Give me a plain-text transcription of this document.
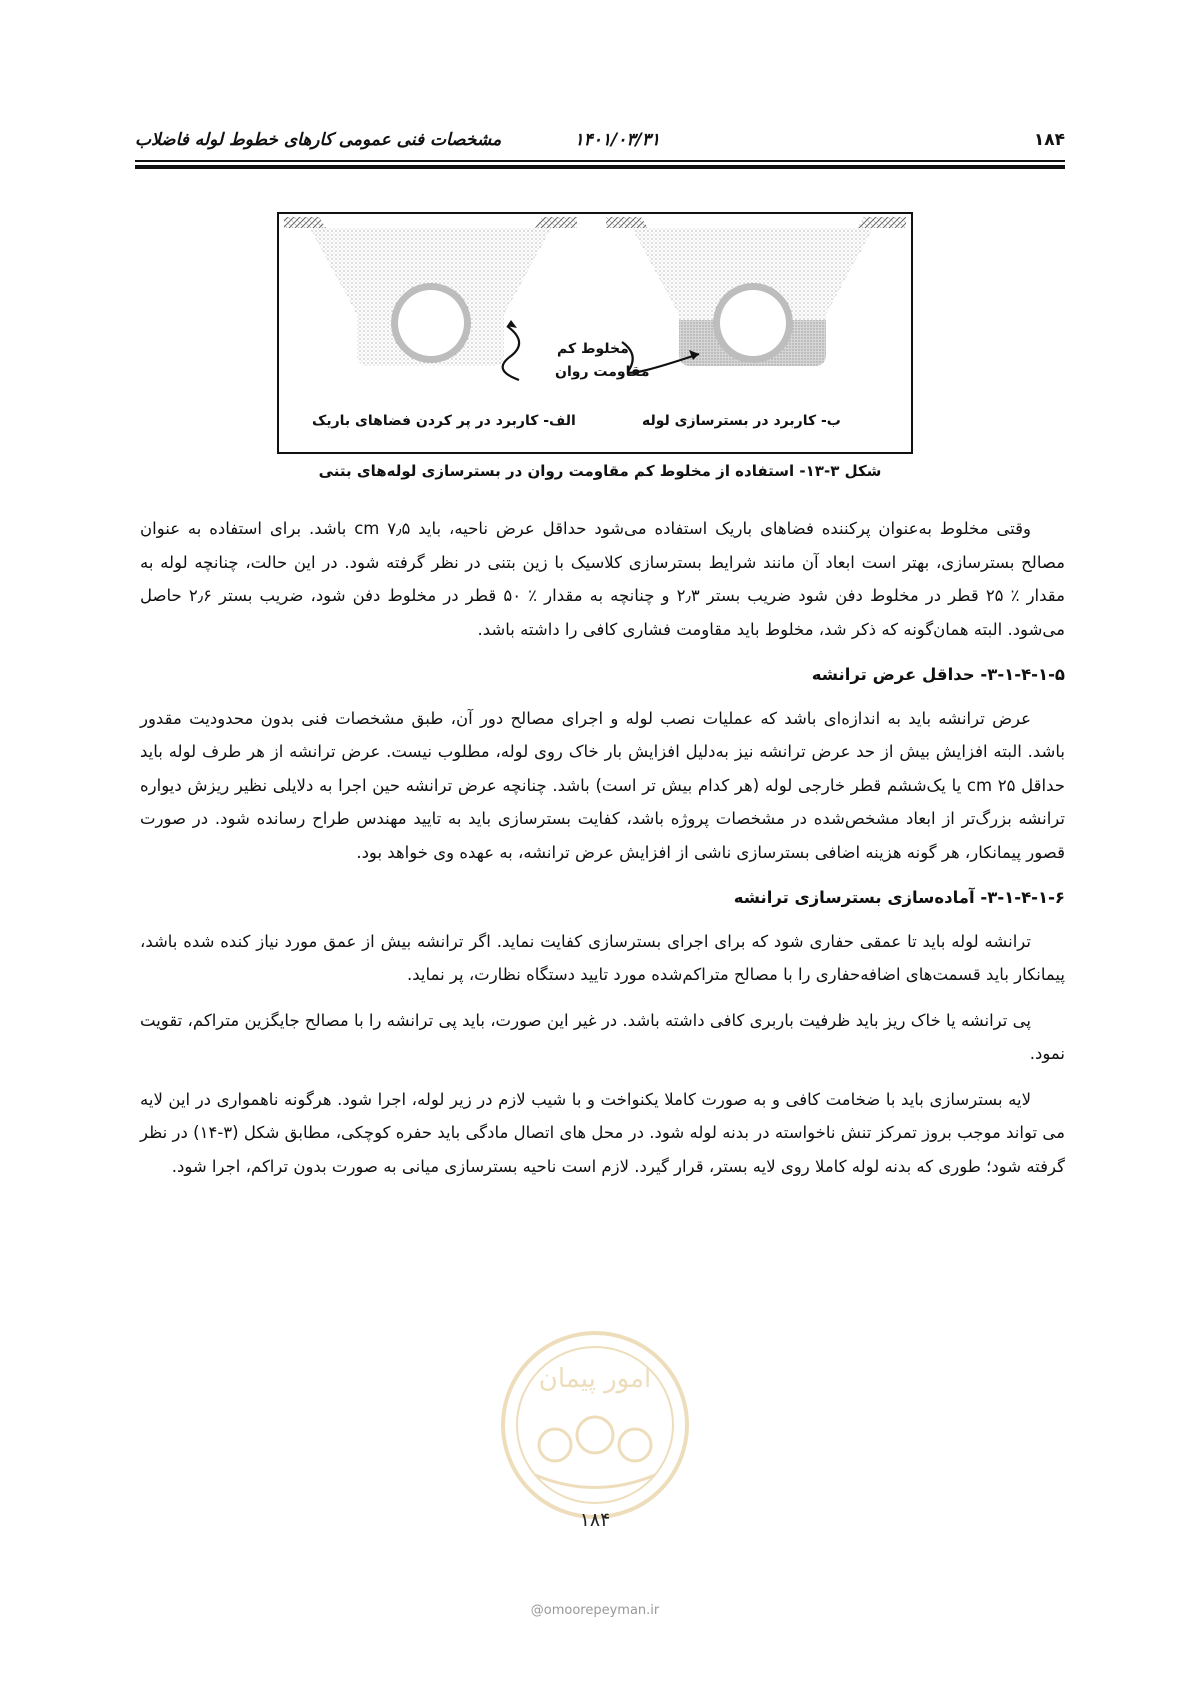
۱۸۴
۱۴۰۱/۰۳/۳۱
مشخصات فنی عمومی کارهای خطوط لوله فاضلاب
مخلوط کم
مقاومت روان
الف- کاربرد در پر کردن فضاهای باریک	ب- کاربرد در بسترسازی لوله
شکل ۳-۱۳- استفاده از مخلوط کم مقاومت روان در بسترسازی لوله‌های بتنی

وقتی مخلوط به‌عنوان پرکننده فضاهای باریک استفاده می‌شود حداقل عرض ناحیه، باید ۷٫۵ cm باشد. برای استفاده به عنوان مصالح بسترسازی، بهتر است ابعاد آن مانند شرایط بسترسازی کلاسیک با زین بتنی در نظر گرفته شود. در این حالت، چنانچه لوله به مقدار ٪ ۲۵ قطر در مخلوط دفن شود ضریب بستر ۲٫۳ و چنانچه به مقدار ٪ ۵۰ قطر در مخلوط دفن شود، ضریب بستر ۲٫۶ حاصل می‌شود. البته همان‌گونه که ذکر شد، مخلوط باید مقاومت فشاری کافی را داشته باشد.

۳-۱-۴-۱-۵- حداقل عرض ترانشه

عرض ترانشه باید به اندازه‌ای باشد که عملیات نصب لوله و اجرای مصالح دور آن، طبق مشخصات فنی بدون محدودیت مقدور باشد. البته افزایش بیش از حد عرض ترانشه نیز به‌دلیل افزایش بار خاک روی لوله، مطلوب نیست. عرض ترانشه از هر طرف لوله باید حداقل ۲۵ cm یا یک‌ششم قطر خارجی لوله (هر کدام بیش تر است) باشد. چنانچه عرض ترانشه حین اجرا به دلایلی نظیر ریزش دیواره ترانشه بزرگ‌تر از ابعاد مشخص‌شده در مشخصات پروژه باشد، کفایت بسترسازی باید به تایید مهندس طراح رسانده شود. در صورت قصور پیمانکار، هر گونه هزینه اضافی بسترسازی ناشی از افزایش عرض ترانشه، به عهده وی خواهد بود.

۳-۱-۴-۱-۶- آماده‌سازی بسترسازی ترانشه

ترانشه لوله باید تا عمقی حفاری شود که برای اجرای بسترسازی کفایت نماید. اگر ترانشه بیش از عمق مورد نیاز کنده شده باشد، پیمانکار باید قسمت‌های اضافه‌حفاری را با مصالح متراکم‌شده مورد تایید دستگاه نظارت، پر نماید.

پی ترانشه یا خاک ریز باید ظرفیت باربری کافی داشته باشد. در غیر این صورت، باید پی ترانشه را با مصالح جایگزین متراکم، تقویت نمود.

لایه بسترسازی باید با ضخامت کافی و به صورت کاملا یکنواخت و با شیب لازم در زیر لوله، اجرا شود. هرگونه ناهمواری در این لایه می تواند موجب بروز تمرکز تنش ناخواسته در بدنه لوله شود. در محل های اتصال مادگی باید حفره کوچکی، مطابق شکل (۳-۱۴) در نظر گرفته شود؛ طوری که بدنه لوله کاملا روی لایه بستر، قرار گیرد. لازم است ناحیه بسترسازی میانی به صورت بدون تراکم، اجرا شود.

امور پیمان
۱۸۴
@omoorepeyman.ir
